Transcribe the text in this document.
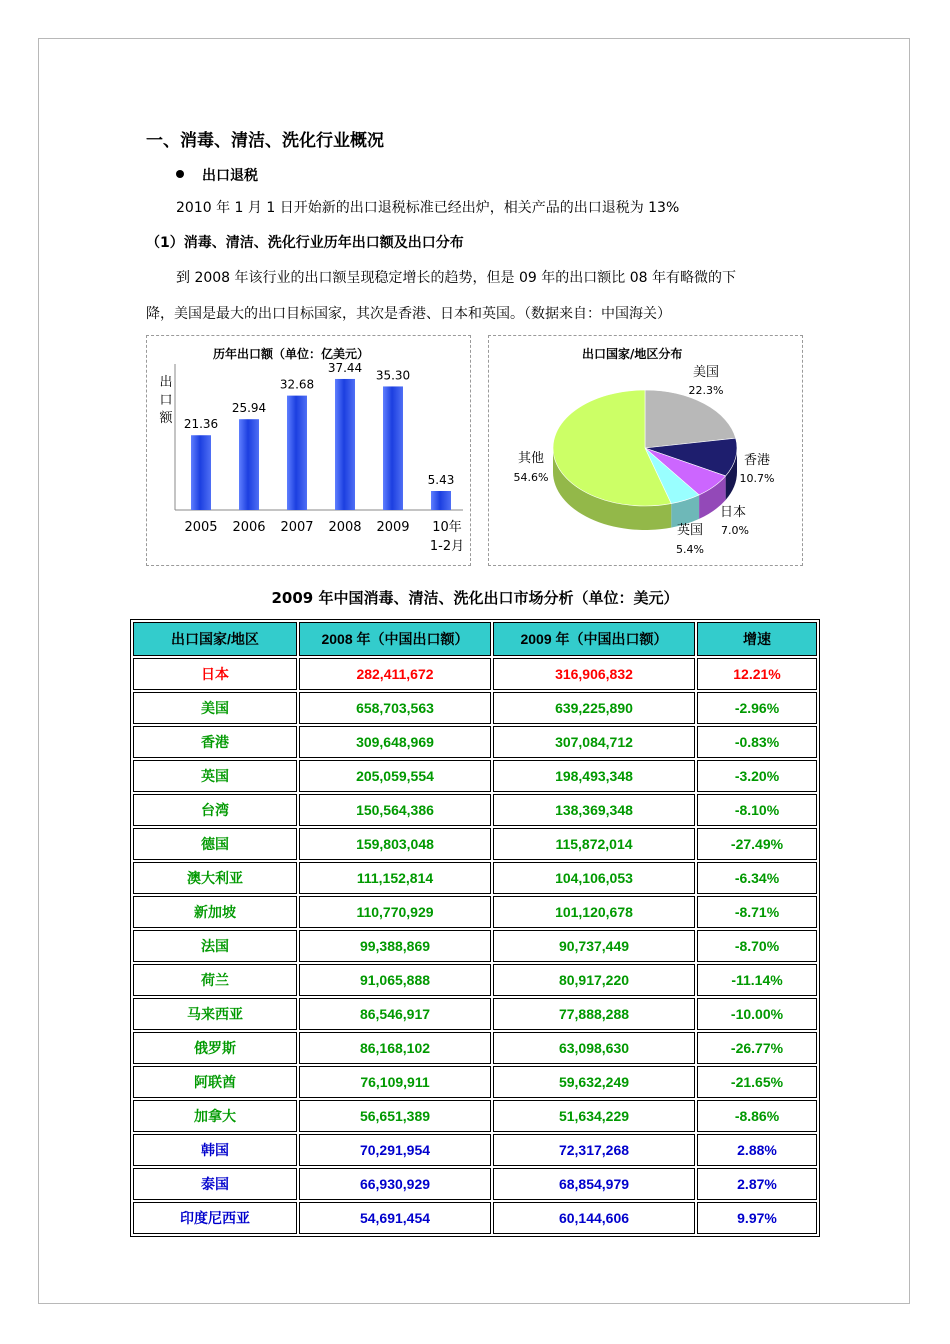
一、消毒、清洁、洗化行业概况
出口退税
2010 年 1 月 1 日开始新的出口退税标准已经出炉，相关产品的出口退税为 13%
（1）消毒、清洁、洗化行业历年出口额及出口分布
到 2008 年该行业的出口额呈现稳定增长的趋势，但是 09 年的出口额比 08 年有略微的下
降，美国是最大的出口目标国家，其次是香港、日本和英国。（数据来自：中国海关）
历年出口额（单位：亿美元）
出
口
额 21.36
2005
25.94
2006
32.68
2007
37.44
2008
35.30
2009
5.43
10年
1-2月
出口国家/地区分布
美国
22.3%
香港
10.7%
日本
7.0%
英国
5.4%
其他
54.6%
2009 年中国消毒、清洁、洗化出口市场分析（单位：美元）
出口国家/地区	2008 年（中国出口额）	2009 年（中国出口额）	增速
日本	282,411,672	316,906,832	12.21%
美国	658,703,563	639,225,890	-2.96%
香港	309,648,969	307,084,712	-0.83%
英国	205,059,554	198,493,348	-3.20%
台湾	150,564,386	138,369,348	-8.10%
德国	159,803,048	115,872,014	-27.49%
澳大利亚	111,152,814	104,106,053	-6.34%
新加坡	110,770,929	101,120,678	-8.71%
法国	99,388,869	90,737,449	-8.70%
荷兰	91,065,888	80,917,220	-11.14%
马来西亚	86,546,917	77,888,288	-10.00%
俄罗斯	86,168,102	63,098,630	-26.77%
阿联酋	76,109,911	59,632,249	-21.65%
加拿大	56,651,389	51,634,229	-8.86%
韩国	70,291,954	72,317,268	2.88%
泰国	66,930,929	68,854,979	2.87%
印度尼西亚	54,691,454	60,144,606	9.97%
